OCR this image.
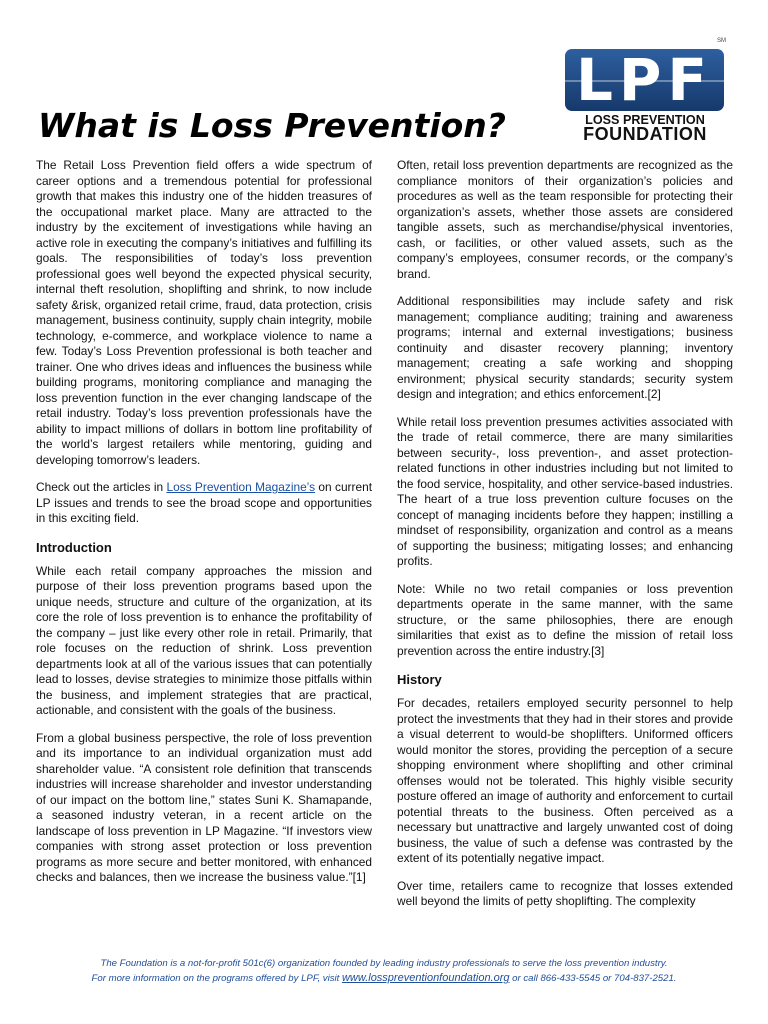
SM
LPF
LOSS PREVENTION
FOUNDATION
What is Loss Prevention?

The Retail Loss Prevention field offers a wide spectrum of career options and a tremendous potential for professional growth that makes this industry one of the hidden treasures of the occupational market place. Many are attracted to the industry by the excitement of investigations while having an active role in executing the company’s initiatives and fulfilling its goals. The responsibilities of today’s loss prevention professional goes well beyond the expected physical security, internal theft resolution, shoplifting and shrink, to now include safety &risk, organized retail crime, fraud, data protection, crisis management, business continuity, supply chain integrity, mobile technology, e-commerce, and workplace violence to name a few. Today’s Loss Prevention professional is both teacher and trainer. One who drives ideas and influences the business while building programs, monitoring compliance and managing the loss prevention function in the ever changing landscape of the retail industry. Today’s loss prevention professionals have the ability to impact millions of dollars in bottom line profitability of the world’s largest retailers while mentoring, guiding and developing tomorrow’s leaders.

Check out the articles in Loss Prevention Magazine’s on current LP issues and trends to see the broad scope and opportunities in this exciting field.

Introduction

While each retail company approaches the mission and purpose of their loss prevention programs based upon the unique needs, structure and culture of the organization, at its core the role of loss prevention is to enhance the profitability of the company – just like every other role in retail. Primarily, that role focuses on the reduction of shrink. Loss prevention departments look at all of the various issues that can potentially lead to losses, devise strategies to minimize those pitfalls within the business, and implement strategies that are practical, actionable, and consistent with the goals of the business.

From a global business perspective, the role of loss prevention and its importance to an individual organization must add shareholder value. “A consistent role definition that transcends industries will increase shareholder and investor understanding of our impact on the bottom line,” states Suni K. Shamapande, a seasoned industry veteran, in a recent article on the landscape of loss prevention in LP Magazine. “If investors view companies with strong asset protection or loss prevention programs as more secure and better monitored, with enhanced checks and balances, then we increase the business value.”[1]

Often, retail loss prevention departments are recognized as the compliance monitors of their organization’s policies and procedures as well as the team responsible for protecting their organization’s assets, whether those assets are considered tangible assets, such as merchandise/physical inventories, cash, or facilities, or other valued assets, such as the company’s employees, consumer records, or the company’s brand.

Additional responsibilities may include safety and risk management; compliance auditing; training and awareness programs; internal and external investigations; business continuity and disaster recovery planning; inventory management; creating a safe working and shopping environment; physical security standards; security system design and integration; and ethics enforcement.[2]

While retail loss prevention presumes activities associated with the trade of retail commerce, there are many similarities between security-, loss prevention-, and asset protection-related functions in other industries including but not limited to the food service, hospitality, and other service-based industries. The heart of a true loss prevention culture focuses on the concept of managing incidents before they happen; instilling a mindset of responsibility, organization and control as a means of supporting the business; mitigating losses; and enhancing profits.

Note: While no two retail companies or loss prevention departments operate in the same manner, with the same structure, or the same philosophies, there are enough similarities that exist as to define the mission of retail loss prevention across the entire industry.[3]

History

For decades, retailers employed security personnel to help protect the investments that they had in their stores and provide a visual deterrent to would-be shoplifters. Uniformed officers would monitor the stores, providing the perception of a secure shopping environment where shoplifting and other criminal offenses would not be tolerated. This highly visible security posture offered an image of authority and enforcement to curtail potential threats to the business. Often perceived as a necessary but unattractive and largely unwanted cost of doing business, the value of such a defense was contrasted by the extent of its potentially negative impact.

Over time, retailers came to recognize that losses extended well beyond the limits of petty shoplifting. The complexity

The Foundation is a not-for-profit 501c(6) organization founded by leading industry professionals to serve the loss prevention industry.
For more information on the programs offered by LPF, visit www.losspreventionfoundation.org or call 866-433-5545 or 704-837-2521.
